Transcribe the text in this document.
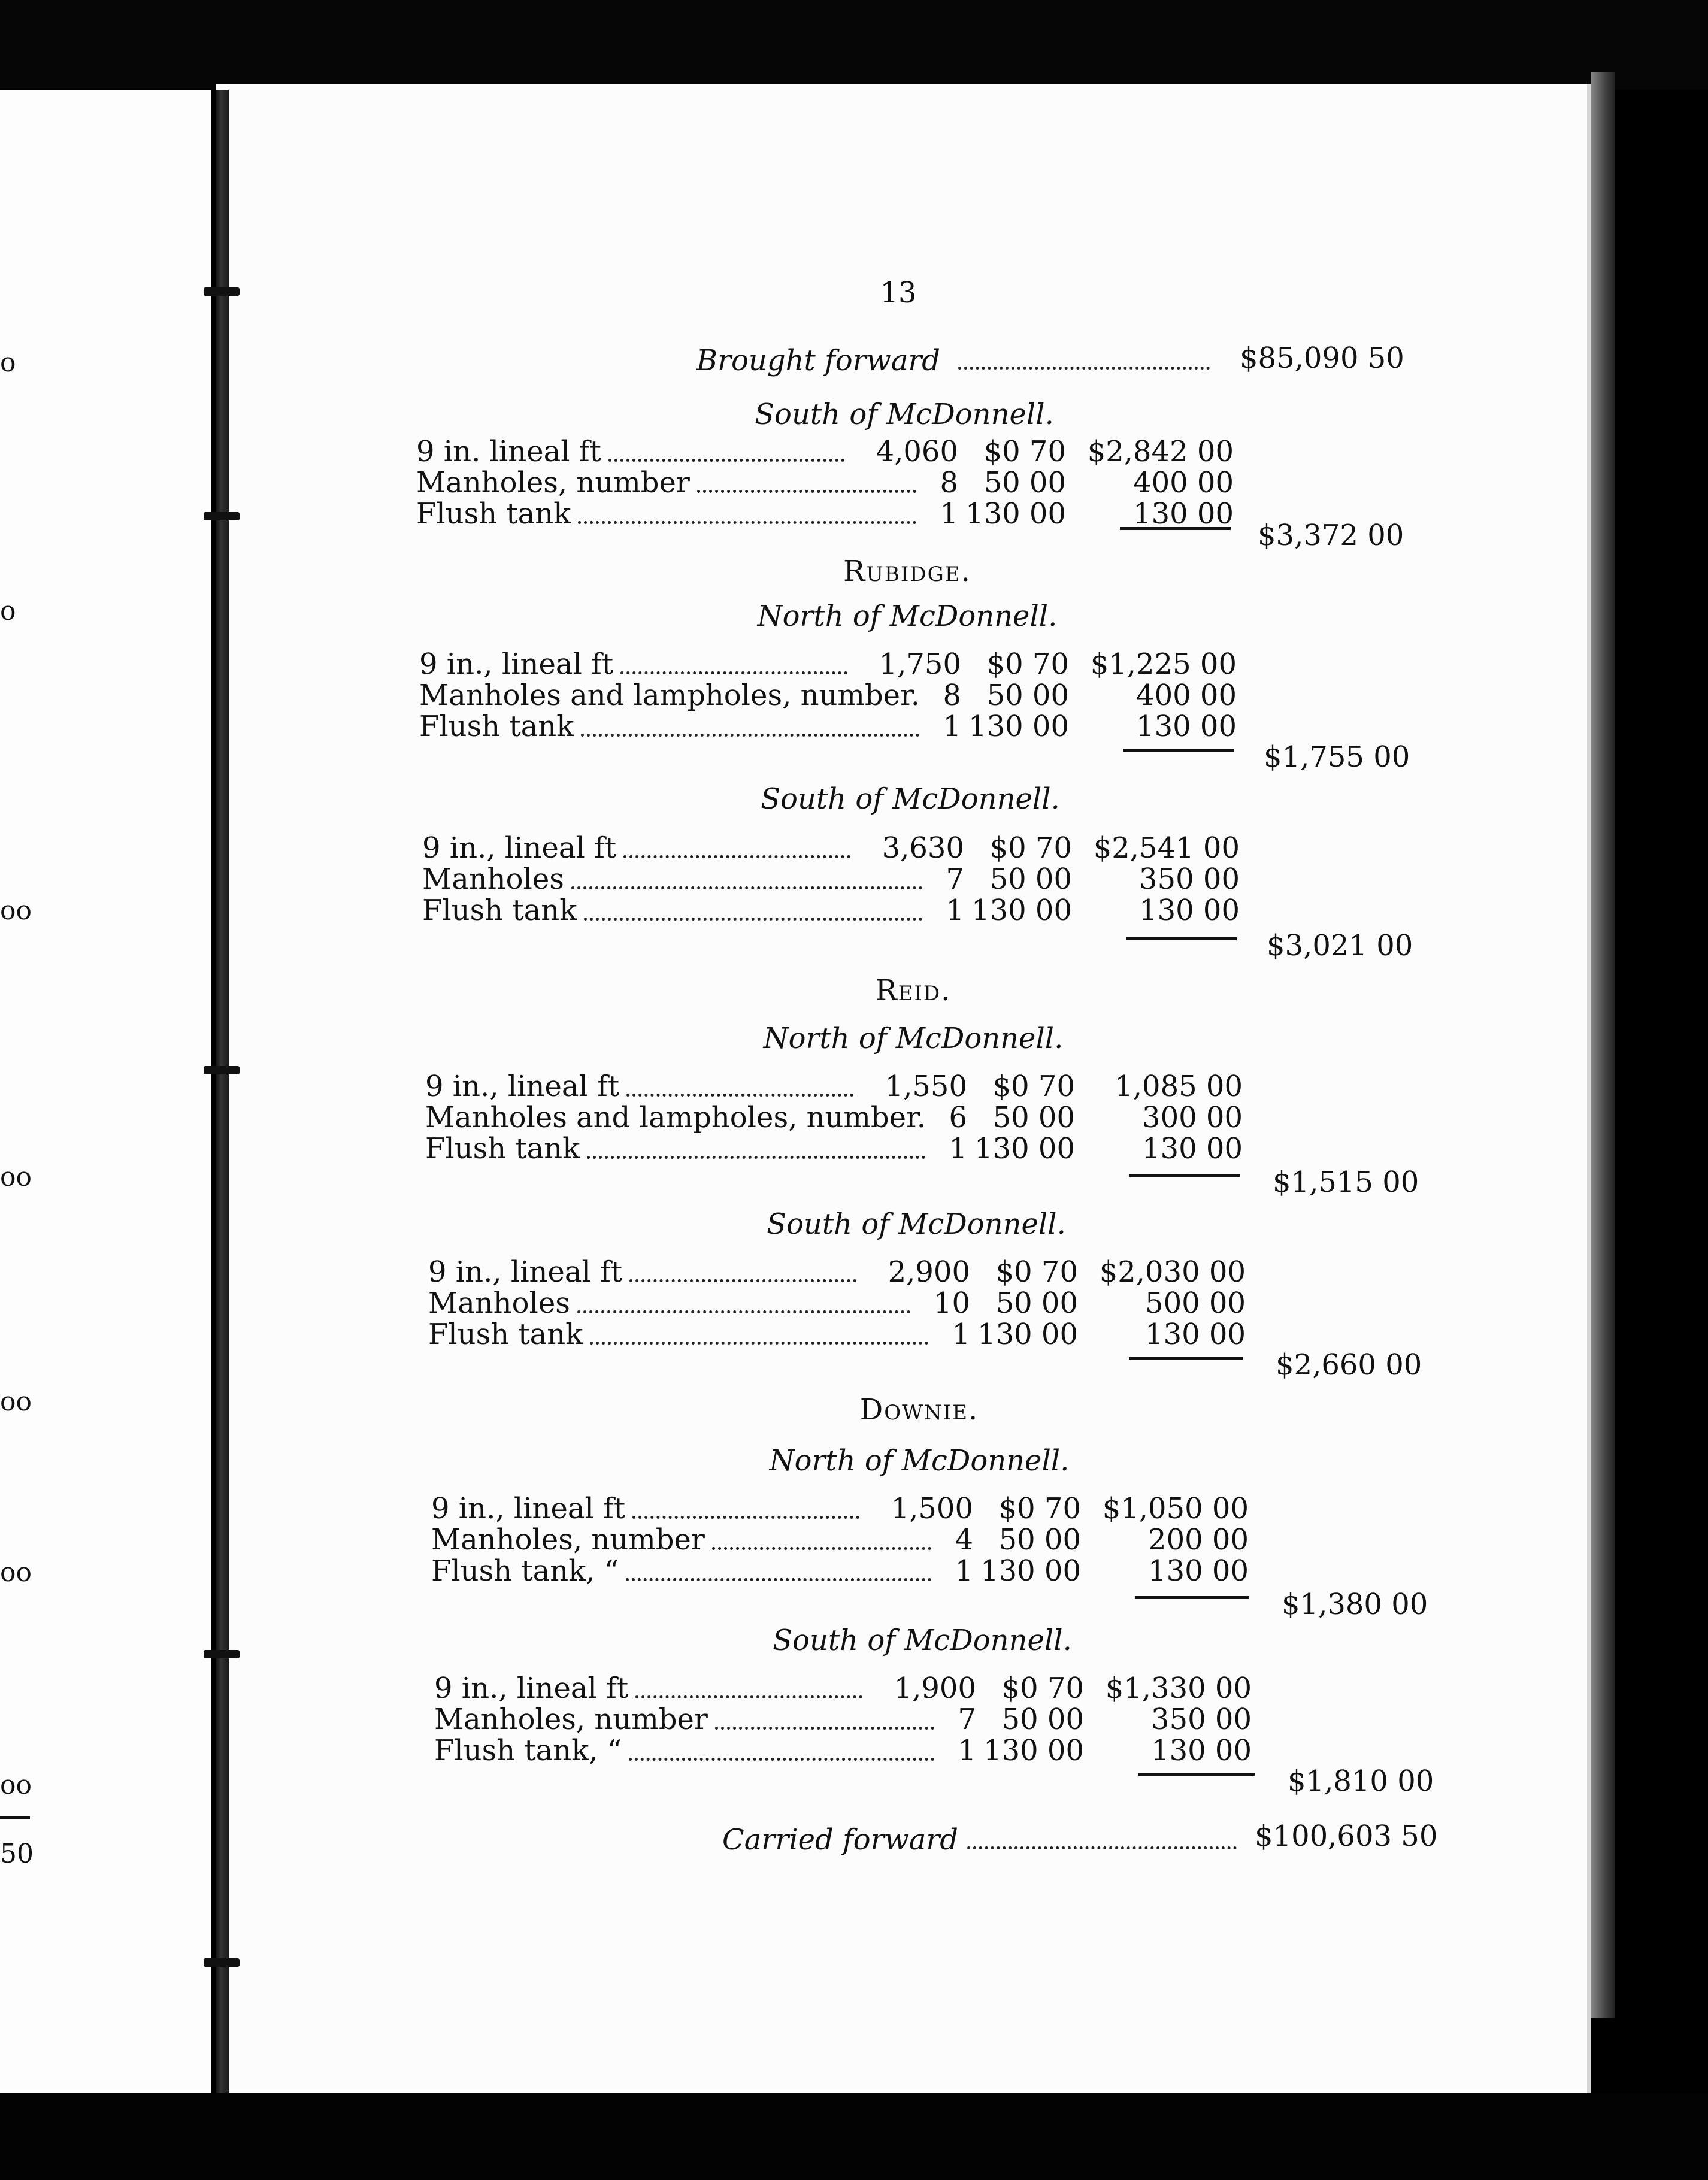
o
o
oo
oo
oo
oo
oo
50
13
Brought forward	$85,090 50
South of McDonnell.
9 in. lineal ft	4,060 $0 70 $2,842 00
Manholes, number	8 50 00	400 00
Flush tank	1 130 00	130 00
$3,372 00
Rubidge.
North of McDonnell.
9 in., lineal ft	1,750 $0 70 $1,225 00
Manholes and lampholes, number. 8 50 00	400 00
Flush tank	1 130 00	130 00
$1,755 00
South of McDonnell.
9 in., lineal ft	3,630 $0 70 $2,541 00
Manholes	7 50 00	350 00
Flush tank	1 130 00	130 00
$3,021 00
Reid.
North of McDonnell.
9 in., lineal ft	1,550 $0 70	1,085 00
Manholes and lampholes, number. 6 50 00	300 00
Flush tank	1 130 00	130 00
$1,515 00
South of McDonnell.
9 in., lineal ft	2,900 $0 70 $2,030 00
Manholes	10 50 00	500 00
Flush tank	1 130 00	130 00
$2,660 00
Downie.
North of McDonnell.
9 in., lineal ft	1,500 $0 70 $1,050 00
Manholes, number	4 50 00	200 00
Flush tank, “	1 130 00	130 00
$1,380 00
South of McDonnell.
9 in., lineal ft	1,900 $0 70 $1,330 00
Manholes, number	7 50 00	350 00
Flush tank, “	1 130 00	130 00
$1,810 00
Carried forward	$100,603 50
